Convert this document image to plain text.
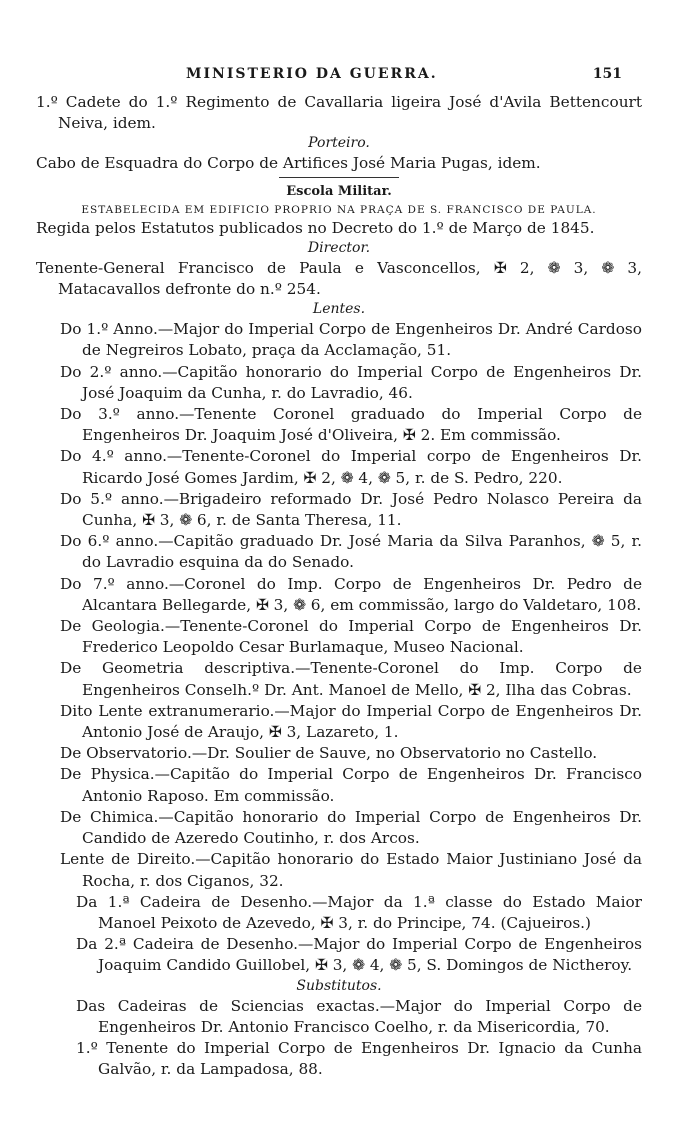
MINISTERIO DA GUERRA.	151

1.º Cadete do 1.º Regimento de Cavallaria ligeira José d'Avila Bettencourt Neiva, idem.

Porteiro.

Cabo de Esquadra do Corpo de Artifices José Maria Pugas, idem.

Escola Militar.

ESTABELECIDA EM EDIFICIO PROPRIO NA PRAÇA DE S. FRANCISCO DE PAULA.

Regida pelos Estatutos publicados no Decreto do 1.º de Março de 1845.

Director.

Tenente-General Francisco de Paula e Vasconcellos, ✠ 2, ❁ 3, ❁ 3, Matacavallos defronte do n.º 254.

Lentes.

Do 1.º Anno.—Major do Imperial Corpo de Engenheiros Dr. André Cardoso de Negreiros Lobato, praça da Acclamação, 51.

Do 2.º anno.—Capitão honorario do Imperial Corpo de Engenheiros Dr. José Joaquim da Cunha, r. do Lavradio, 46.

Do 3.º anno.—Tenente Coronel graduado do Imperial Corpo de Engenheiros Dr. Joaquim José d'Oliveira, ✠ 2. Em commissão.

Do 4.º anno.—Tenente-Coronel do Imperial corpo de Engenheiros Dr. Ricardo José Gomes Jardim, ✠ 2, ❁ 4, ❁ 5, r. de S. Pedro, 220.

Do 5.º anno.—Brigadeiro reformado Dr. José Pedro Nolasco Pereira da Cunha, ✠ 3, ❁ 6, r. de Santa Theresa, 11.

Do 6.º anno.—Capitão graduado Dr. José Maria da Silva Paranhos, ❁ 5, r. do Lavradio esquina da do Senado.

Do 7.º anno.—Coronel do Imp. Corpo de Engenheiros Dr. Pedro de Alcantara Bellegarde, ✠ 3, ❁ 6, em commissão, largo do Valdetaro, 108.

De Geologia.—Tenente-Coronel do Imperial Corpo de Engenheiros Dr. Frederico Leopoldo Cesar Burlamaque, Museo Nacional.

De Geometria descriptiva.—Tenente-Coronel do Imp. Corpo de Engenheiros Conselh.º Dr. Ant. Manoel de Mello, ✠ 2, Ilha das Cobras.

Dito Lente extranumerario.—Major do Imperial Corpo de Engenheiros Dr. Antonio José de Araujo, ✠ 3, Lazareto, 1.

De Observatorio.—Dr. Soulier de Sauve, no Observatorio no Castello.

De Physica.—Capitão do Imperial Corpo de Engenheiros Dr. Francisco Antonio Raposo. Em commissão.

De Chimica.—Capitão honorario do Imperial Corpo de Engenheiros Dr. Candido de Azeredo Coutinho, r. dos Arcos.

Lente de Direito.—Capitão honorario do Estado Maior Justiniano José da Rocha, r. dos Ciganos, 32.

Da 1.ª Cadeira de Desenho.—Major da 1.ª classe do Estado Maior Manoel Peixoto de Azevedo, ✠ 3, r. do Principe, 74. (Cajueiros.)

Da 2.ª Cadeira de Desenho.—Major do Imperial Corpo de Engenheiros Joaquim Candido Guillobel, ✠ 3, ❁ 4, ❁ 5, S. Domingos de Nictheroy.

Substitutos.

Das Cadeiras de Sciencias exactas.—Major do Imperial Corpo de Engenheiros Dr. Antonio Francisco Coelho, r. da Misericordia, 70.

1.º Tenente do Imperial Corpo de Engenheiros Dr. Ignacio da Cunha Galvão, r. da Lampadosa, 88.
